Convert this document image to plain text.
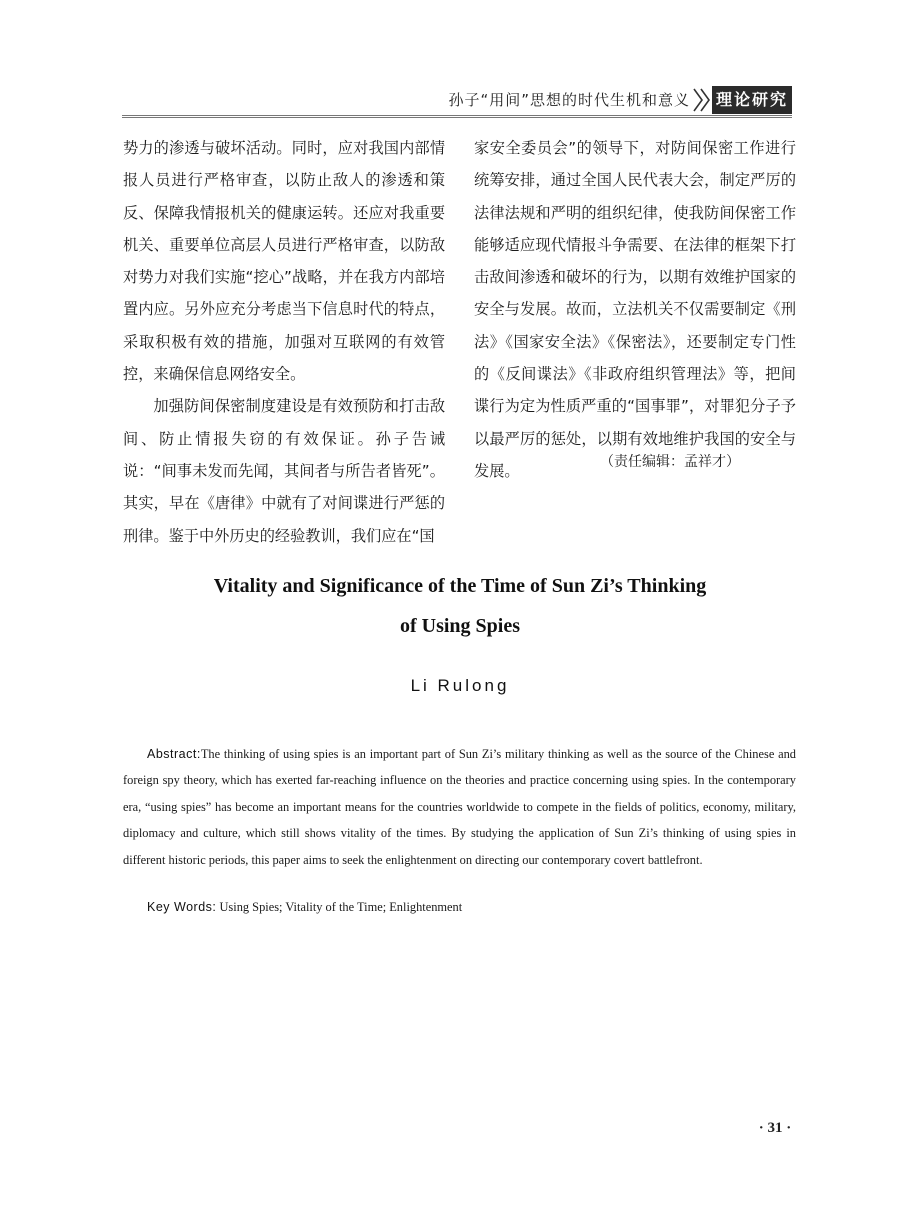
孙子“用间”思想的时代生机和意义 理论研究

势力的渗透与破坏活动。同时，应对我国内部情报人员进行严格审查，以防止敌人的渗透和策反、保障我情报机关的健康运转。还应对我重要机关、重要单位高层人员进行严格审查，以防敌对势力对我们实施“挖心”战略，并在我方内部培置内应。另外应充分考虑当下信息时代的特点，采取积极有效的措施，加强对互联网的有效管控，来确保信息网络安全。

加强防间保密制度建设是有效预防和打击敌间、防止情报失窃的有效保证。孙子告诫说：“间事未发而先闻，其间者与所告者皆死”。其实，早在《唐律》中就有了对间谍进行严惩的刑律。鉴于中外历史的经验教训，我们应在“国

家安全委员会”的领导下，对防间保密工作进行统筹安排，通过全国人民代表大会，制定严厉的法律法规和严明的组织纪律，使我防间保密工作能够适应现代情报斗争需要、在法律的框架下打击敌间渗透和破坏的行为，以期有效维护国家的安全与发展。故而，立法机关不仅需要制定《刑法》《国家安全法》《保密法》，还要制定专门性的《反间谍法》《非政府组织管理法》等，把间谍行为定为性质严重的“国事罪”，对罪犯分子予以最严厉的惩处，以期有效地维护我国的安全与发展。	（责任编辑：孟祥才）
Vitality and Significance of the Time of Sun Zi’s Thinking
of Using Spies
Li Rulong

Abstract:The thinking of using spies is an important part of Sun Zi’s military thinking as well as the source of the Chinese and foreign spy theory, which has exerted far-reaching influence on the theories and practice concerning using spies. In the contemporary era, “using spies” has become an important means for the countries worldwide to compete in the fields of politics, economy, military, diplomacy and culture, which still shows vitality of the times. By studying the application of Sun Zi’s thinking of using spies in different historic periods, this paper aims to seek the enlightenment on directing our contemporary covert battlefront.

Key Words: Using Spies; Vitality of the Time; Enlightenment
· 31 ·
